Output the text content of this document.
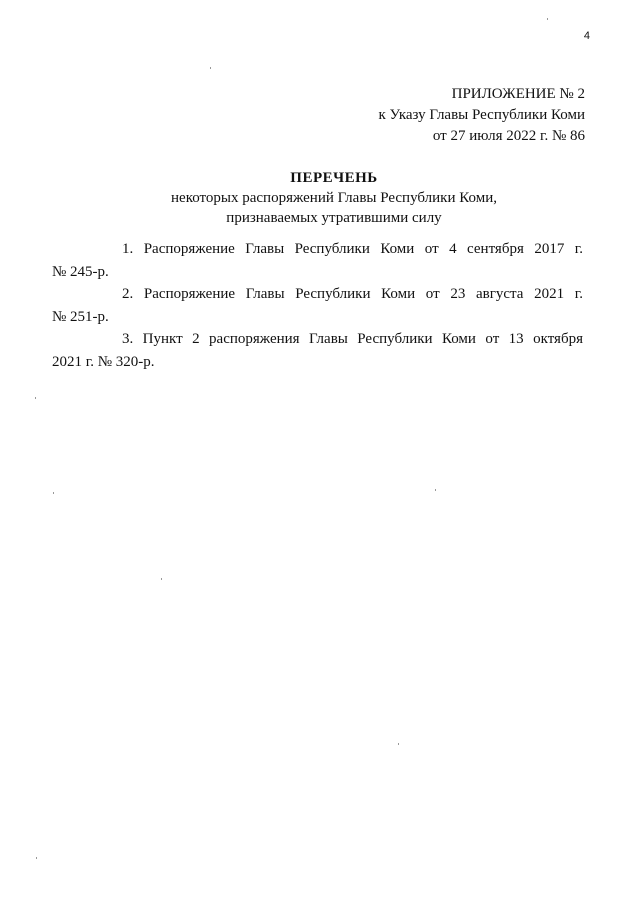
4
ПРИЛОЖЕНИЕ № 2
к Указу Главы Республики Коми
от 27 июля 2022 г. № 86
ПЕРЕЧЕНЬ
некоторых распоряжений Главы Республики Коми,
признаваемых утратившими силу

1. Распоряжение Главы Республики Коми от 4 сентября 2017 г.
№ 245-р.

2. Распоряжение Главы Республики Коми от 23 августа 2021 г.
№ 251-р.

3. Пункт 2 распоряжения Главы Республики Коми от 13 октября
2021 г. № 320-р.
